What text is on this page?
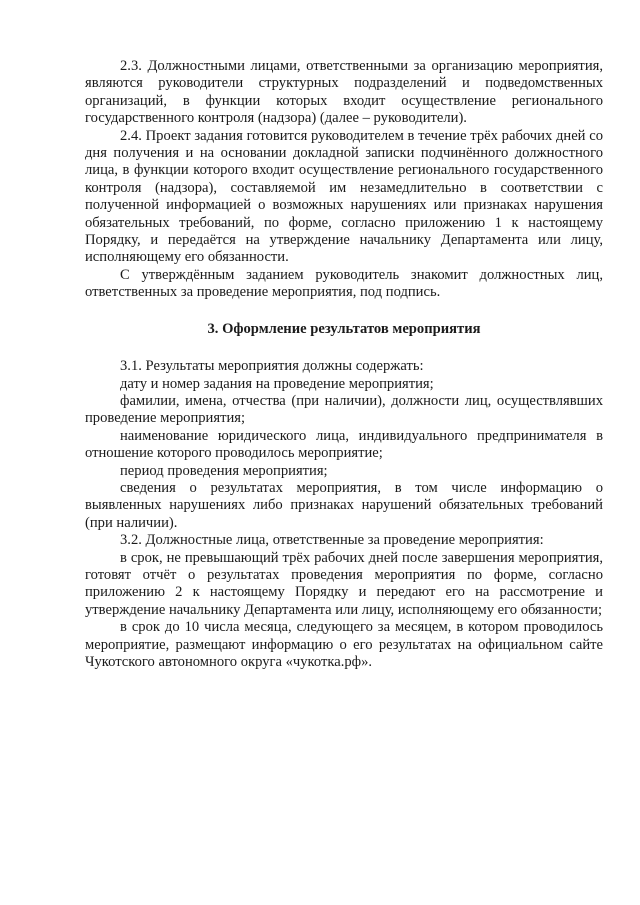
2.3. Должностными лицами, ответственными за организацию мероприятия, являются руководители структурных подразделений и подведомственных организаций, в функции которых входит осуществление регионального государственного контроля (надзора) (далее – руководители).

2.4. Проект задания готовится руководителем в течение трёх рабочих дней со дня получения и на основании докладной записки подчинённого должностного лица, в функции которого входит осуществление регионального государственного контроля (надзора), составляемой им незамедлительно в соответствии с полученной информацией о возможных нарушениях или признаках нарушения обязательных требований, по форме, согласно приложению 1 к настоящему Порядку, и передаётся на утверждение начальнику Департамента или лицу, исполняющему его обязанности.

С утверждённым заданием руководитель знакомит должностных лиц, ответственных за проведение мероприятия, под подпись.

3. Оформление результатов мероприятия

3.1. Результаты мероприятия должны содержать:

дату и номер задания на проведение мероприятия;

фамилии, имена, отчества (при наличии), должности лиц, осуществлявших проведение мероприятия;

наименование юридического лица, индивидуального предпринимателя в отношение которого проводилось мероприятие;

период проведения мероприятия;

сведения о результатах мероприятия, в том числе информацию о выявленных нарушениях либо признаках нарушений обязательных требований (при наличии).

3.2. Должностные лица, ответственные за проведение мероприятия:

в срок, не превышающий трёх рабочих дней после завершения мероприятия, готовят отчёт о результатах проведения мероприятия по форме, согласно приложению 2 к настоящему Порядку и передают его на рассмотрение и утверждение начальнику Департамента или лицу, исполняющему его обязанности;

в срок до 10 числа месяца, следующего за месяцем, в котором проводилось мероприятие, размещают информацию о его результатах на официальном сайте Чукотского автономного округа «чукотка.рф».
